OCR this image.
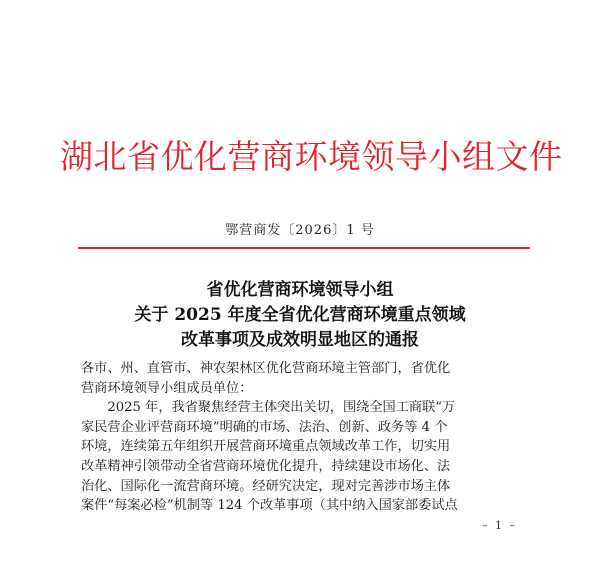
湖北省优化营商环境领导小组文件
鄂营商发〔2026〕1 号
省优化营商环境领导小组
关于 2025 年度全省优化营商环境重点领域
改革事项及成效明显地区的通报
各市、州、直管市、神农架林区优化营商环境主管部门，省优化
营商环境领导小组成员单位：
　　2025 年，我省聚焦经营主体突出关切，围绕全国工商联“万
家民营企业评营商环境”明确的市场、法治、创新、政务等 4 个
环境，连续第五年组织开展营商环境重点领域改革工作，切实用
改革精神引领带动全省营商环境优化提升，持续建设市场化、法
治化、国际化一流营商环境。经研究决定，现对完善涉市场主体
案件“每案必检”机制等 124 个改革事项（其中纳入国家部委试点
– 1 –
